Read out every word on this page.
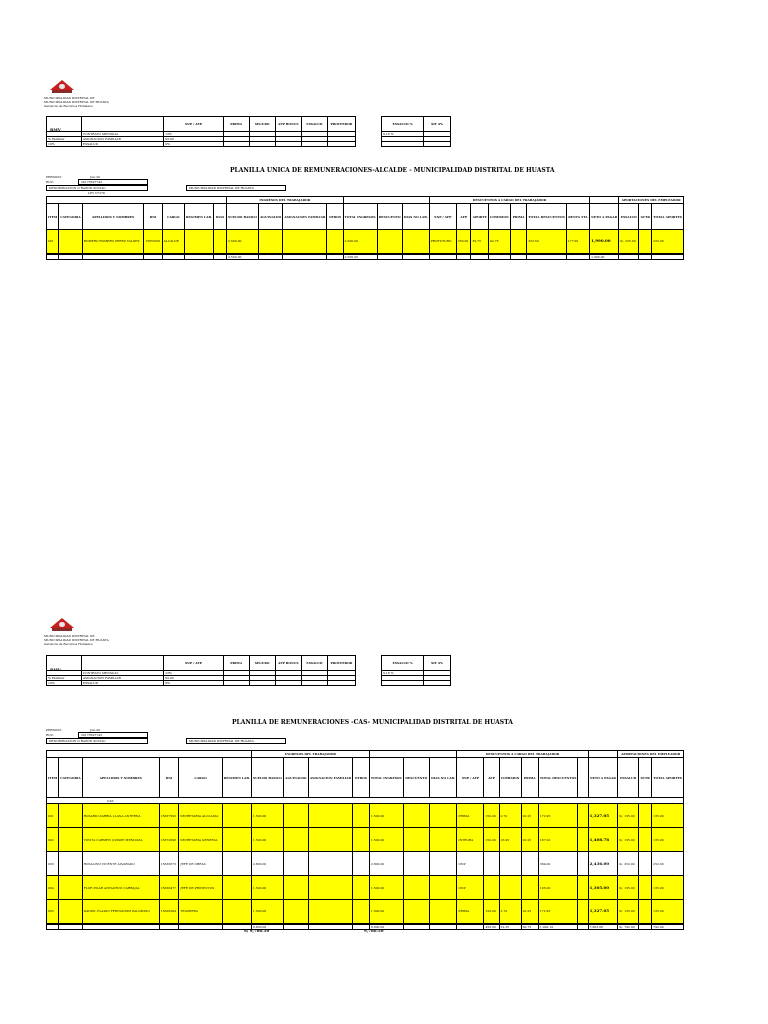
MUNICIPALIDAD DISTRITAL DE
MUNICIPALIDAD DISTRITAL DE HUASTA
Gerencia de Recursos Humanos
RMV
		SNP / AFP	PRIMA	SEGURO	AFP BONUS	ESSALUD	PROVEEDOR
	CONTRATO MENSUAL	13%					
% Familiar	ASIGNACION FAMILIAR	93.00					
10%	ESSALUD	9%					
ESSALUD %	SIT 4%
9.18 %	

PLANILLA UNICA DE REMUNERACIONES-ALCALDE - MUNICIPALIDAD DISTRITAL DE HUASTA
PERIODO:	Jun-20
RUC:	20173597743
DENOMINACION O RAZON SOCIAL:	MUNICIPALIDAD DISTRITAL DE HUASTA
LEY N°276
							INGRESOS DEL TRABAJADOR							DESCUENTOS A CARGO DEL TRABAJADOR								APORTACIONES DEL EMPLEADOR		
ITEM	CATEGORIA	APELLIDOS Y NOMBRES	DNI	CARGO	REGIMEN LAB.	DIAS	SUELDO BASICO	AGUINALDO	ASIGNACION FAMILIAR	OTROS	TOTAL INGRESOS	DESCUENTO	DIAS NO LAB.	SNP / AFP	AFP	APORTE	COMISION	PRIMA	TOTAL DESCUENTOS	RENTA 5TA	NETO A PAGAR	ESSALUD	SCTR	TOTAL APORTES
001		ROMERO ROMERO PEREZ VALDEZ	15659301	ALCALDE			2,500.00				2,500.00			PROFUTURO	250.00	39.75	42.75		332.50	177.00	1,990.00	S/. 225.00		225.00
							2,500.00				2,500.00										1,990.00			
MUNICIPALIDAD DISTRITAL DE
MUNICIPALIDAD DISTRITAL DE HUASTA
Gerencia de Recursos Humanos
RMV
		SNP / AFP	PRIMA	SEGURO	AFP BONUS	ESSALUD	PROVEEDOR
	CONTRATO MENSUAL	13%					
% Familiar	ASIGNACION FAMILIAR	93.00					
10%	ESSALUD	9%					
ESSALUD %	SIT 4%
9.18 %	

PLANILLA DE REMUNERACIONES -CAS- MUNICIPALIDAD DISTRITAL DE HUASTA
PERIODO:	Jun-20
RUC:	20173597743
DENOMINACION O RAZON SOCIAL:	MUNICIPALIDAD DISTRITAL DE HUASTA
						INGRESOS DEL TRABAJADOR							DESCUENTOS A CARGO DEL TRABAJADOR							APORTACIONES DEL EMPLEADOR		
ITEM	CATEGORIA	APELLIDOS Y NOMBRES	DNI	CARGO	REGIMEN LAB.	SUELDO BASICO	AGUINALDO	ASIGNACION FAMILIAR	OTROS	TOTAL INGRESOS	DESCUENTO	DIAS NO LAB.	SNP / AFP	AFP	COMISION	PRIMA	TOTAL DESCUENTOS		NETO A PAGAR	ESSALUD	SCTR	TOTAL APORTES
CAS																						
001		ROSARIO ZARRIA LLANA ANTERNA	15637593	SECRETARIA ALCALDIA		1,500.00				1,500.00			PRIMA	150.00	2.70	20.25	172.95		1,327.05	S/. 135.00		135.00
002		YOVITA CARMEN QUISPE MENDOZA	15672698	SECRETARIA GENERAL		1,500.00				1,500.00			INTEGRA	150.00	16.95	20.25	187.20		1,408.78	S/. 135.00		135.00
003		ROSALINO VICENTE ALVARADO	15636673	JEFE DE OBRAS		2,800.00				2,800.00			ONP				364.00		2,436.00	S/. 252.00		252.00
004		FLOR PILAR ANTAURCO CARBAJAL	15636477	JEFE DE PROYECTOS		1,500.00				1,500.00			ONP				195.00		1,305.00	S/. 135.00		135.00
005		DANIEL ELADIO FERNANDEZ PALOMINO	15636284	TESORERA		1,500.00				1,500.00			PRIMA	150.00	2.70	20.25	172.95		1,327.05	S/. 135.00		135.00
						8,800.00				8,800.00				450.00	22.35	60.75	1,092.10		7,803.88	S/. 792.00		792.00
S/ 9,780.50	9,780.50
